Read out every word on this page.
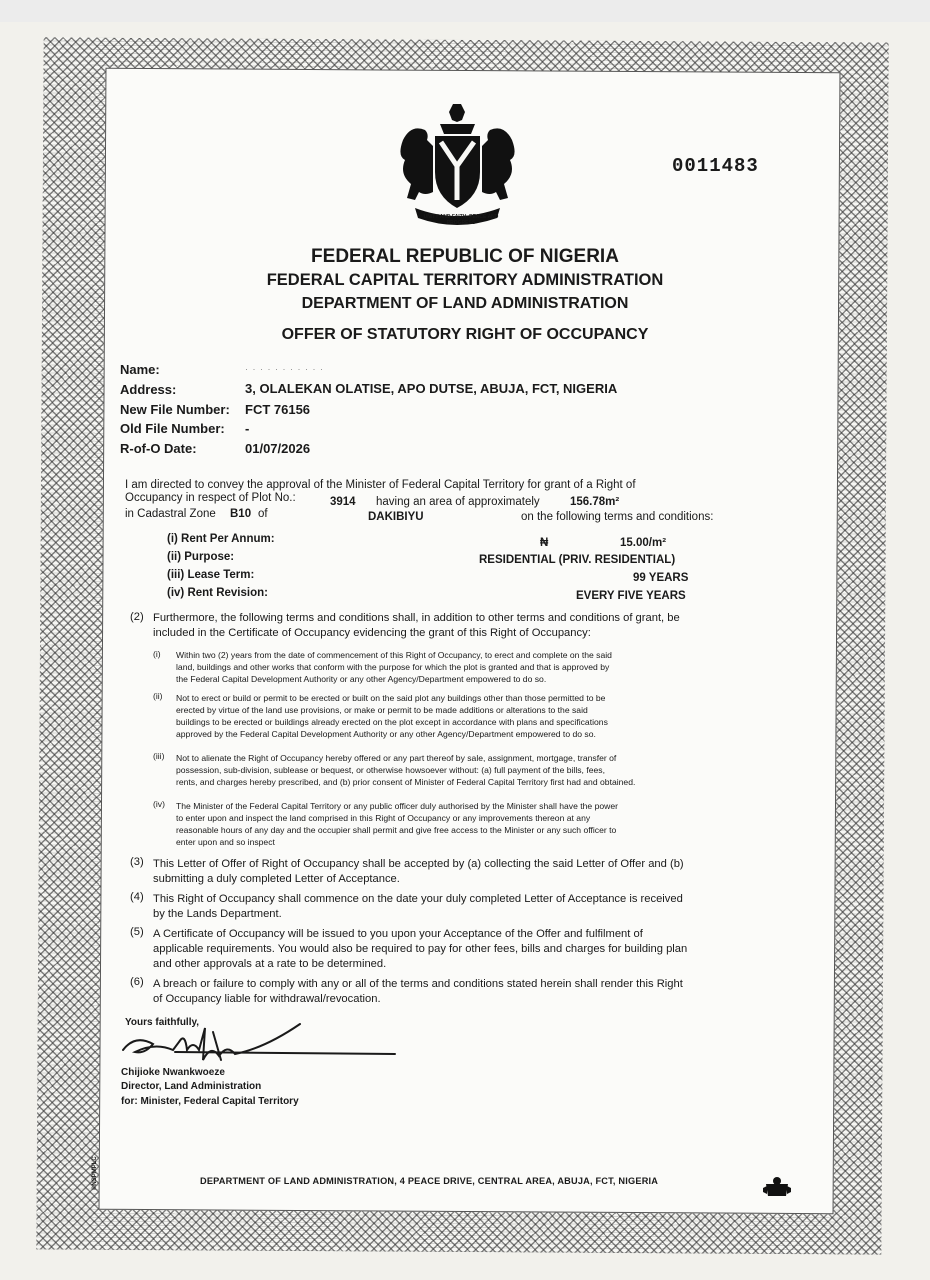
UNITY AND FAITH, PEACE AND PROGRESS
0011483
FEDERAL REPUBLIC OF NIGERIA
FEDERAL CAPITAL TERRITORY ADMINISTRATION
DEPARTMENT OF LAND ADMINISTRATION
OFFER OF STATUTORY RIGHT OF OCCUPANCY
Name:	· · · · · · · · · · ·
Address:	3, OLALEKAN OLATISE, APO DUTSE, ABUJA, FCT, NIGERIA
New File Number: FCT 76156
Old File Number: -
R-of-O Date:	01/07/2026
I am directed to convey the approval of the Minister of Federal Capital Territory for grant of a Right of
Occupancy in respect of Plot No.:	3914 having an area of approximately	156.78m²
in Cadastral Zone B10 of	DAKIBIYU	on the following terms and conditions:
(i) Rent Per Annum:	₦	15.00/m²
(ii) Purpose:	RESIDENTIAL (PRIV. RESIDENTIAL)
(iii) Lease Term:	99 YEARS
(iv) Rent Revision:	EVERY FIVE YEARS
(2) Furthermore, the following terms and conditions shall, in addition to other terms and conditions of grant, be
included in the Certificate of Occupancy evidencing the grant of this Right of Occupancy:
(i) Within two (2) years from the date of commencement of this Right of Occupancy, to erect and complete on the said
land, buildings and other works that conform with the purpose for which the plot is granted and that is approved by
the Federal Capital Development Authority or any other Agency/Department empowered to do so.
(ii) Not to erect or build or permit to be erected or built on the said plot any buildings other than those permitted to be
erected by virtue of the land use provisions, or make or permit to be made additions or alterations to the said
buildings to be erected or buildings already erected on the plot except in accordance with plans and specifications
approved by the Federal Capital Development Authority or any other Agency/Department empowered to do so.
(iii) Not to alienate the Right of Occupancy hereby offered or any part thereof by sale, assignment, mortgage, transfer of
possession, sub-division, sublease or bequest, or otherwise howsoever without: (a) full payment of the bills, fees,
rents, and charges hereby prescribed, and (b) prior consent of Minister of Federal Capital Territory first had and obtained.
(iv) The Minister of the Federal Capital Territory or any public officer duly authorised by the Minister shall have the power
to enter upon and inspect the land comprised in this Right of Occupancy or any improvements thereon at any
reasonable hours of any day and the occupier shall permit and give free access to the Minister or any such officer to
enter upon and so inspect
(3) This Letter of Offer of Right of Occupancy shall be accepted by (a) collecting the said Letter of Offer and (b)
submitting a duly completed Letter of Acceptance.
(4) This Right of Occupancy shall commence on the date your duly completed Letter of Acceptance is received
by the Lands Department.
(5) A Certificate of Occupancy will be issued to you upon your Acceptance of the Offer and fulfilment of
applicable requirements. You would also be required to pay for other fees, bills and charges for building plan
and other approvals at a rate to be determined.
(6) A breach or failure to comply with any or all of the terms and conditions stated herein shall render this Right
of Occupancy liable for withdrawal/revocation.
Yours faithfully,
Chijioke Nwankwoeze
Director, Land Administration
for: Minister, Federal Capital Territory
DEPARTMENT OF LAND ADMINISTRATION, 4 PEACE DRIVE, CENTRAL AREA, ABUJA, FCT, NIGERIA
©NSPMPLC
